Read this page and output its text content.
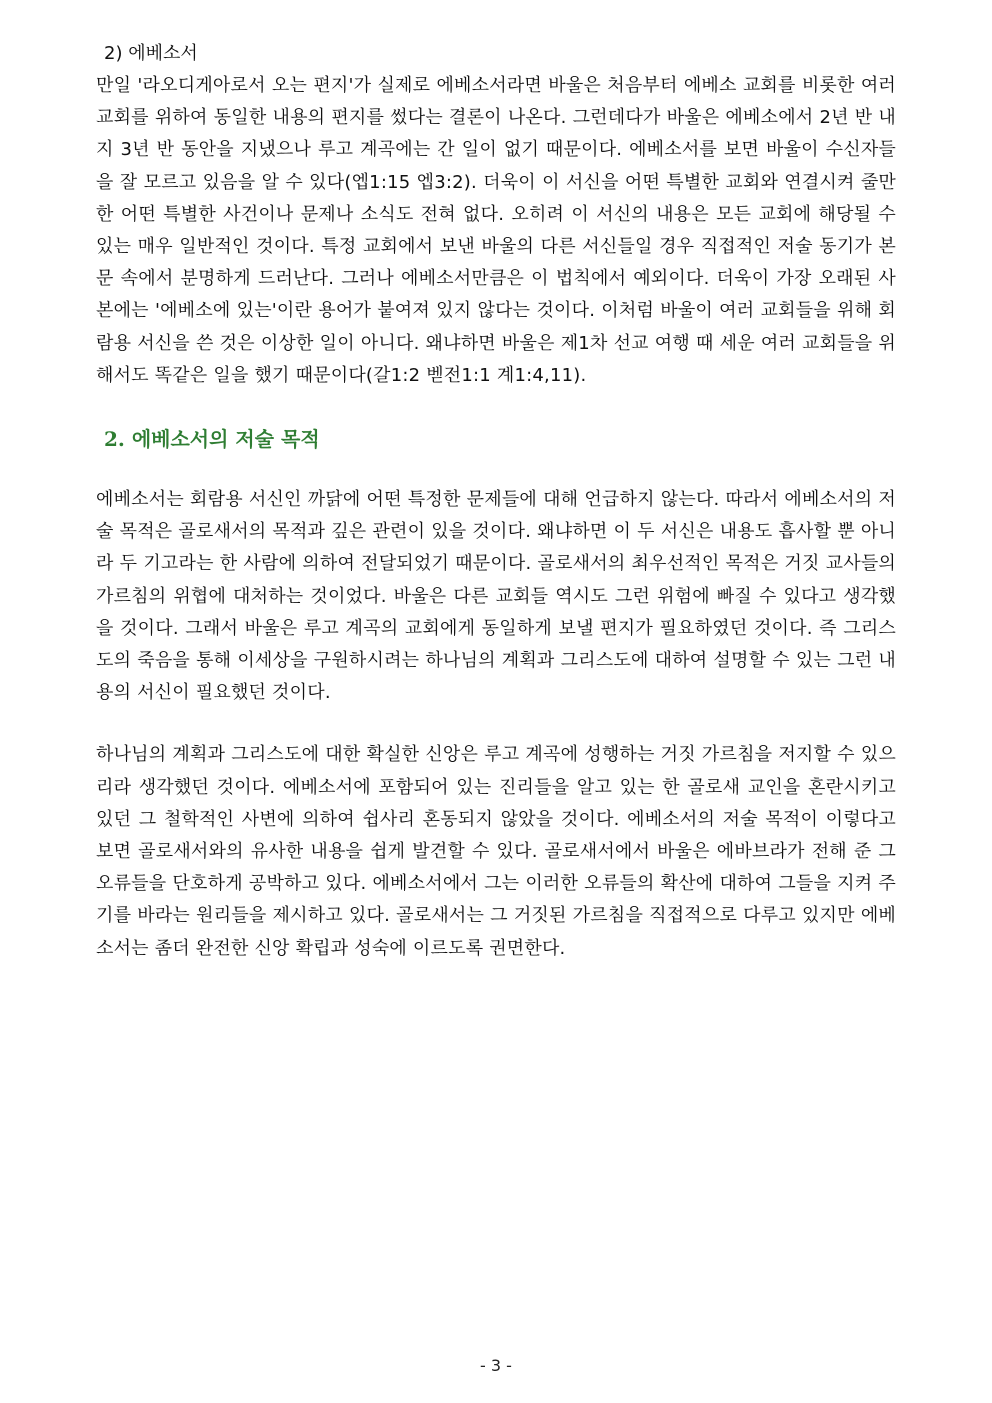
2) 에베소서

만일 '라오디게아로서 오는 편지'가 실제로 에베소서라면 바울은 처음부터 에베소 교회를 비롯한 여러 교회를 위하여 동일한 내용의 편지를 썼다는 결론이 나온다. 그런데다가 바울은 에베소에서 2년 반 내지 3년 반 동안을 지냈으나 루고 계곡에는 간 일이 없기 때문이다. 에베소서를 보면 바울이 수신자들을 잘 모르고 있음을 알 수 있다(엡1:15 엡3:2). 더욱이 이 서신을 어떤 특별한 교회와 연결시켜 줄만한 어떤 특별한 사건이나 문제나 소식도 전혀 없다. 오히려 이 서신의 내용은 모든 교회에 해당될 수 있는 매우 일반적인 것이다. 특정 교회에서 보낸 바울의 다른 서신들일 경우 직접적인 저술 동기가 본문 속에서 분명하게 드러난다. 그러나 에베소서만큼은 이 법칙에서 예외이다. 더욱이 가장 오래된 사본에는 '에베소에 있는'이란 용어가 붙여져 있지 않다는 것이다. 이처럼 바울이 여러 교회들을 위해 회람용 서신을 쓴 것은 이상한 일이 아니다. 왜냐하면 바울은 제1차 선교 여행 때 세운 여러 교회들을 위해서도 똑같은 일을 했기 때문이다(갈1:2 벧전1:1 계1:4,11).

2. 에베소서의 저술 목적

에베소서는 회람용 서신인 까닭에 어떤 특정한 문제들에 대해 언급하지 않는다. 따라서 에베소서의 저술 목적은 골로새서의 목적과 깊은 관련이 있을 것이다. 왜냐하면 이 두 서신은 내용도 흡사할 뿐 아니라 두 기고라는 한 사람에 의하여 전달되었기 때문이다. 골로새서의 최우선적인 목적은 거짓 교사들의 가르침의 위협에 대처하는 것이었다. 바울은 다른 교회들 역시도 그런 위험에 빠질 수 있다고 생각했을 것이다. 그래서 바울은 루고 계곡의 교회에게 동일하게 보낼 편지가 필요하였던 것이다. 즉 그리스도의 죽음을 통해 이세상을 구원하시려는 하나님의 계획과 그리스도에 대하여 설명할 수 있는 그런 내용의 서신이 필요했던 것이다.

하나님의 계획과 그리스도에 대한 확실한 신앙은 루고 계곡에 성행하는 거짓 가르침을 저지할 수 있으리라 생각했던 것이다. 에베소서에 포함되어 있는 진리들을 알고 있는 한 골로새 교인을 혼란시키고 있던 그 철학적인 사변에 의하여 쉽사리 혼동되지 않았을 것이다. 에베소서의 저술 목적이 이렇다고 보면 골로새서와의 유사한 내용을 쉽게 발견할 수 있다. 골로새서에서 바울은 에바브라가 전해 준 그 오류들을 단호하게 공박하고 있다. 에베소서에서 그는 이러한 오류들의 확산에 대하여 그들을 지켜 주기를 바라는 원리들을 제시하고 있다. 골로새서는 그 거짓된 가르침을 직접적으로 다루고 있지만 에베소서는 좀더 완전한 신앙 확립과 성숙에 이르도록 권면한다.

- 3 -
